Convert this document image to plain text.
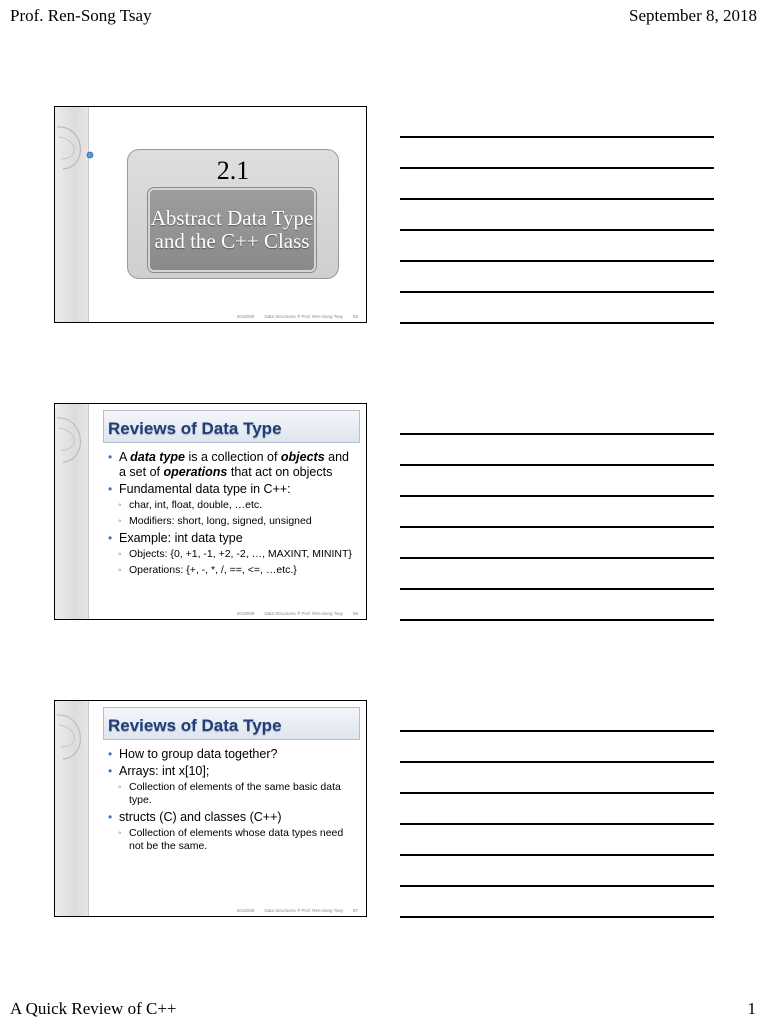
Prof. Ren-Song Tsay	September 8, 2018
2.1
Abstract Data Type and the C++ Class
2018/9/8 Data Structures ® Prof. Ren-Song Tsay 85
Reviews of Data Type
• A data type is a collection of objects and a set of operations that act on objects
• Fundamental data type in C++:
◦ char, int, float, double, …etc.
◦ Modifiers: short, long, signed, unsigned
• Example: int data type
◦ Objects: {0, +1, -1, +2, -2, …, MAXINT, MININT}
◦ Operations: {+, -, *, /, ==, <=, …etc.}
2018/9/8 Data Structures ® Prof. Ren-Song Tsay 86
Reviews of Data Type
• How to group data together?
• Arrays: int x[10];
◦ Collection of elements of the same basic data type.
• structs (C) and classes (C++)
◦ Collection of elements whose data types need not be the same.
2018/9/8 Data Structures ® Prof. Ren-Song Tsay 87
A Quick Review of C++	1
